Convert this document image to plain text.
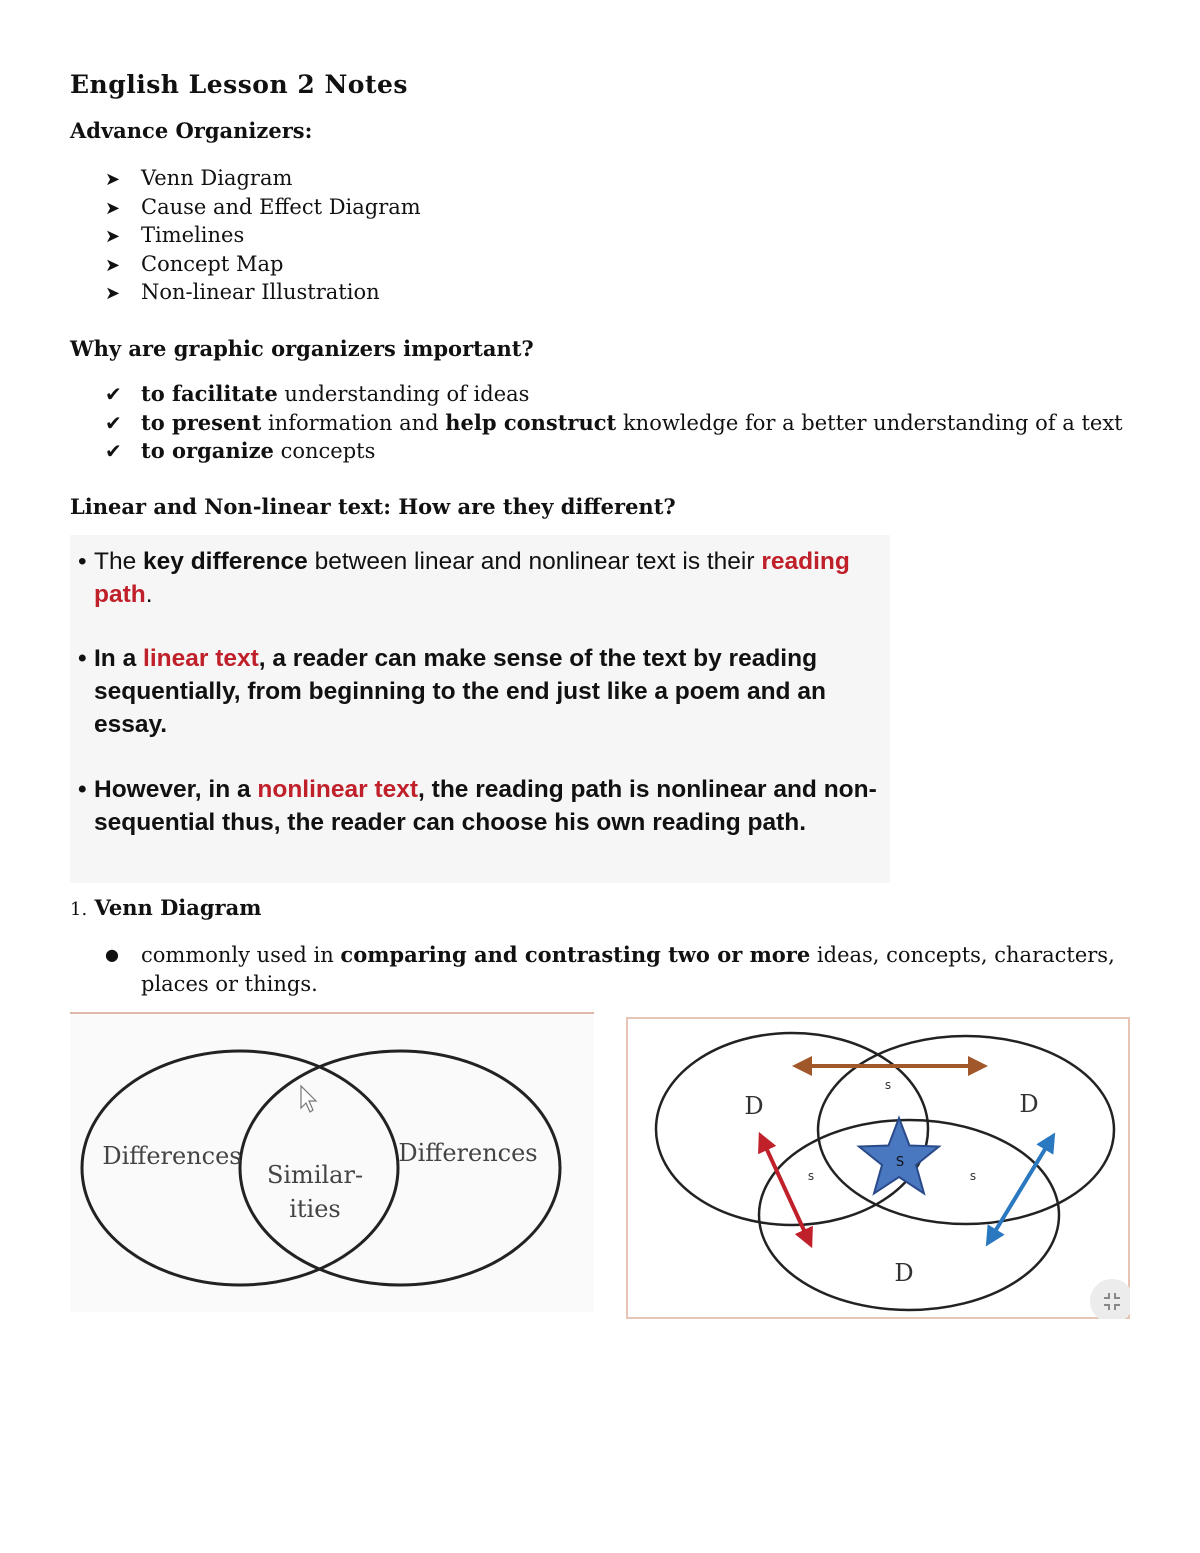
English Lesson 2 Notes
Advance Organizers:
➤ Venn Diagram
➤ Cause and Effect Diagram
➤ Timelines
➤ Concept Map
➤ Non-linear Illustration
Why are graphic organizers important?
✔ to facilitate understanding of ideas
✔ to present information and help construct knowledge for a better understanding of a text
✔ to organize concepts
Linear and Non-linear text: How are they different?
• The key difference between linear and nonlinear text is their reading path.
• In a linear text, a reader can make sense of the text by reading sequentially, from beginning to the end just like a poem and an essay.
• However, in a nonlinear text, the reading path is nonlinear and non-sequential thus, the reader can choose his own reading path.
1. Venn Diagram
● commonly used in comparing and contrasting two or more ideas, concepts, characters, places or things.
Differences
Similar-
ities
Differences
D	D
D
s
s	s
S
